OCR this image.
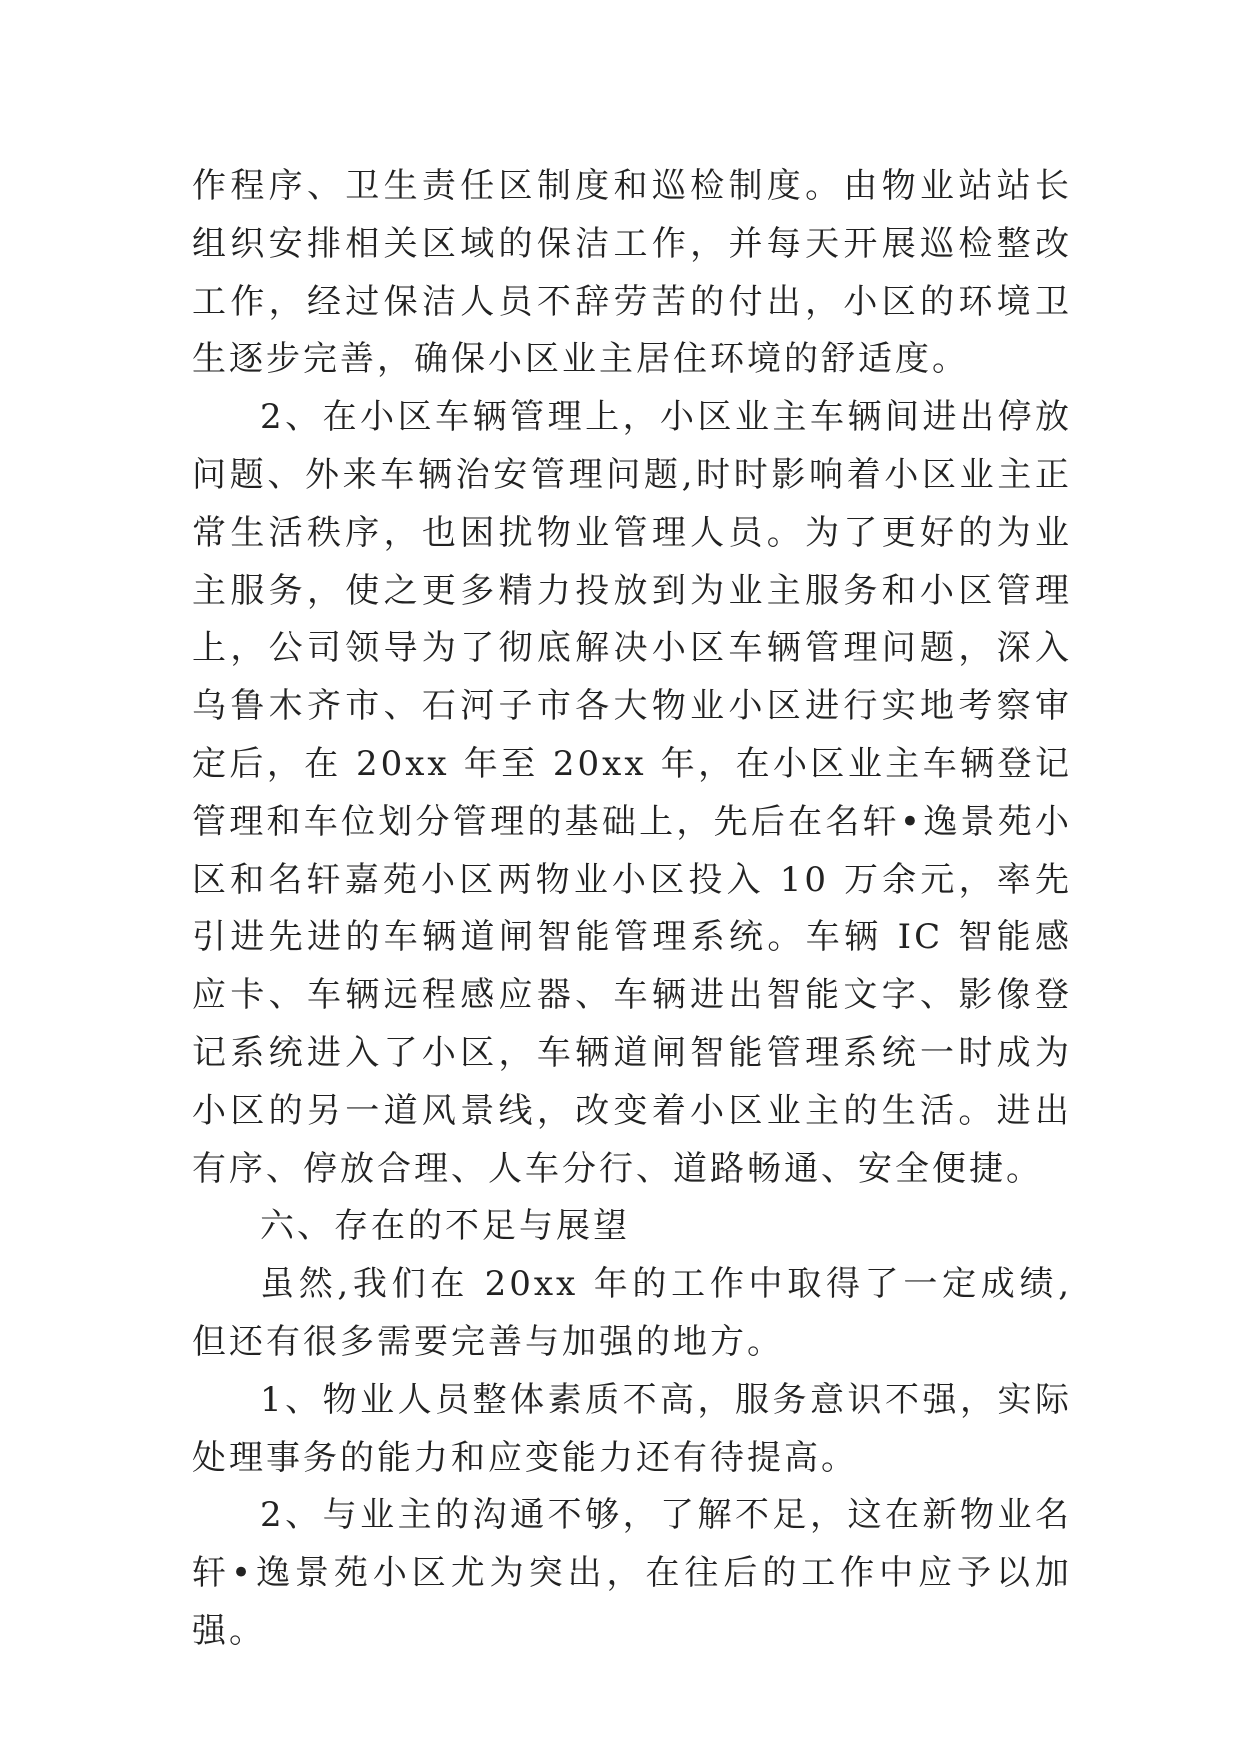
作程序、卫生责任区制度和巡检制度。由物业站站长组织安排相关区域的保洁工作，并每天开展巡检整改工作，经过保洁人员不辞劳苦的付出，小区的环境卫生逐步完善，确保小区业主居住环境的舒适度。

2、在小区车辆管理上，小区业主车辆间进出停放问题、外来车辆治安管理问题,时时影响着小区业主正常生活秩序，也困扰物业管理人员。为了更好的为业主服务，使之更多精力投放到为业主服务和小区管理上，公司领导为了彻底解决小区车辆管理问题，深入乌鲁木齐市、石河子市各大物业小区进行实地考察审定后，在 20xx 年至 20xx 年，在小区业主车辆登记管理和车位划分管理的基础上，先后在名轩•逸景苑小区和名轩嘉苑小区两物业小区投入 10 万余元，率先引进先进的车辆道闸智能管理系统。车辆 IC 智能感应卡、车辆远程感应器、车辆进出智能文字、影像登记系统进入了小区，车辆道闸智能管理系统一时成为小区的另一道风景线，改变着小区业主的生活。进出有序、停放合理、人车分行、道路畅通、安全便捷。

六、存在的不足与展望

虽然,我们在 20xx 年的工作中取得了一定成绩,但还有很多需要完善与加强的地方。

1、物业人员整体素质不高，服务意识不强，实际处理事务的能力和应变能力还有待提高。

2、与业主的沟通不够，了解不足，这在新物业名轩•逸景苑小区尤为突出，在往后的工作中应予以加强。
